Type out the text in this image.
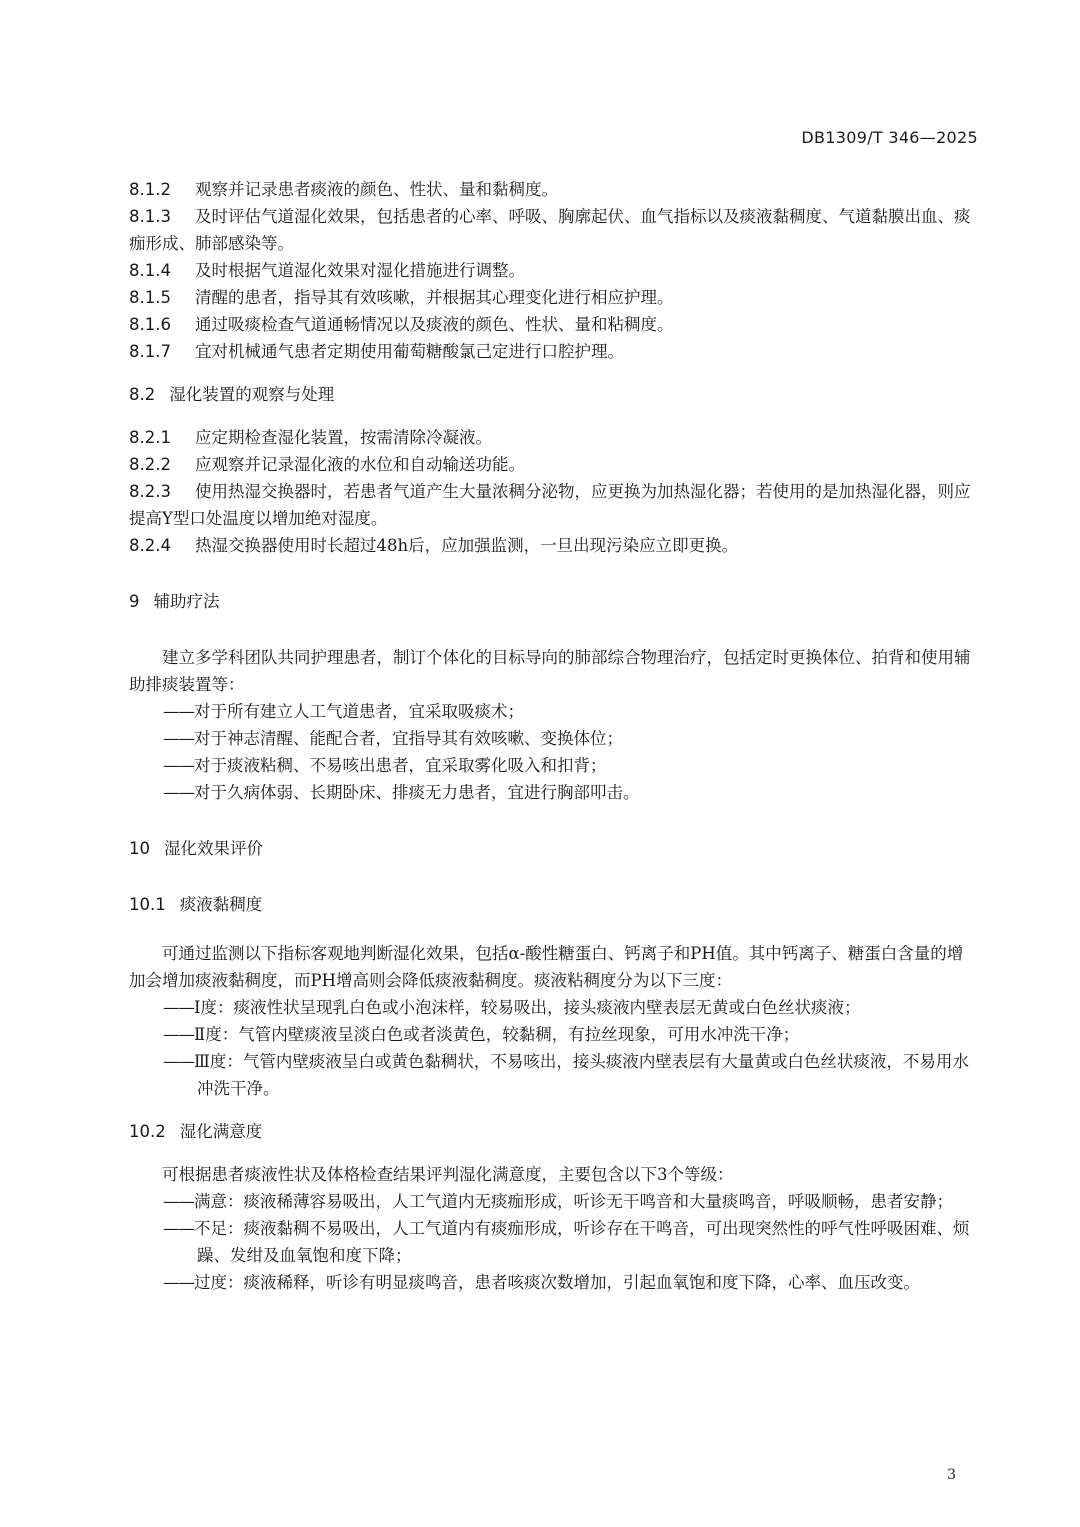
DB1309/T 346—2025

8.1.2 观察并记录患者痰液的颜色、性状、量和黏稠度。

8.1.3 及时评估气道湿化效果，包括患者的心率、呼吸、胸廓起伏、血气指标以及痰液黏稠度、气道黏膜出血、痰痂形成、肺部感染等。

8.1.4 及时根据气道湿化效果对湿化措施进行调整。

8.1.5 清醒的患者，指导其有效咳嗽，并根据其心理变化进行相应护理。

8.1.6 通过吸痰检查气道通畅情况以及痰液的颜色、性状、量和粘稠度。

8.1.7 宜对机械通气患者定期使用葡萄糖酸氯己定进行口腔护理。

8.2 湿化装置的观察与处理

8.2.1 应定期检查湿化装置，按需清除冷凝液。

8.2.2 应观察并记录湿化液的水位和自动输送功能。

8.2.3 使用热湿交换器时，若患者气道产生大量浓稠分泌物，应更换为加热湿化器；若使用的是加热湿化器，则应提高Y型口处温度以增加绝对湿度。

8.2.4 热湿交换器使用时长超过48h后，应加强监测，一旦出现污染应立即更换。

9 辅助疗法

建立多学科团队共同护理患者，制订个体化的目标导向的肺部综合物理治疗，包括定时更换体位、拍背和使用辅助排痰装置等：

——对于所有建立人工气道患者，宜采取吸痰术；

——对于神志清醒、能配合者，宜指导其有效咳嗽、变换体位；

——对于痰液粘稠、不易咳出患者，宜采取雾化吸入和扣背；

——对于久病体弱、长期卧床、排痰无力患者，宜进行胸部叩击。

10 湿化效果评价

10.1 痰液黏稠度

可通过监测以下指标客观地判断湿化效果，包括α-酸性糖蛋白、钙离子和PH值。其中钙离子、糖蛋白含量的增加会增加痰液黏稠度，而PH增高则会降低痰液黏稠度。痰液粘稠度分为以下三度：

——Ⅰ度：痰液性状呈现乳白色或小泡沫样，较易吸出，接头痰液内壁表层无黄或白色丝状痰液；

——Ⅱ度：气管内壁痰液呈淡白色或者淡黄色，较黏稠，有拉丝现象，可用水冲洗干净；

——Ⅲ度：气管内壁痰液呈白或黄色黏稠状，不易咳出，接头痰液内壁表层有大量黄或白色丝状痰液，不易用水冲洗干净。

10.2 湿化满意度

可根据患者痰液性状及体格检查结果评判湿化满意度，主要包含以下3个等级：

——满意：痰液稀薄容易吸出，人工气道内无痰痂形成，听诊无干鸣音和大量痰鸣音，呼吸顺畅，患者安静；

——不足：痰液黏稠不易吸出，人工气道内有痰痂形成，听诊存在干鸣音，可出现突然性的呼气性呼吸困难、烦躁、发绀及血氧饱和度下降；

——过度：痰液稀释，听诊有明显痰鸣音，患者咳痰次数增加，引起血氧饱和度下降，心率、血压改变。

3
